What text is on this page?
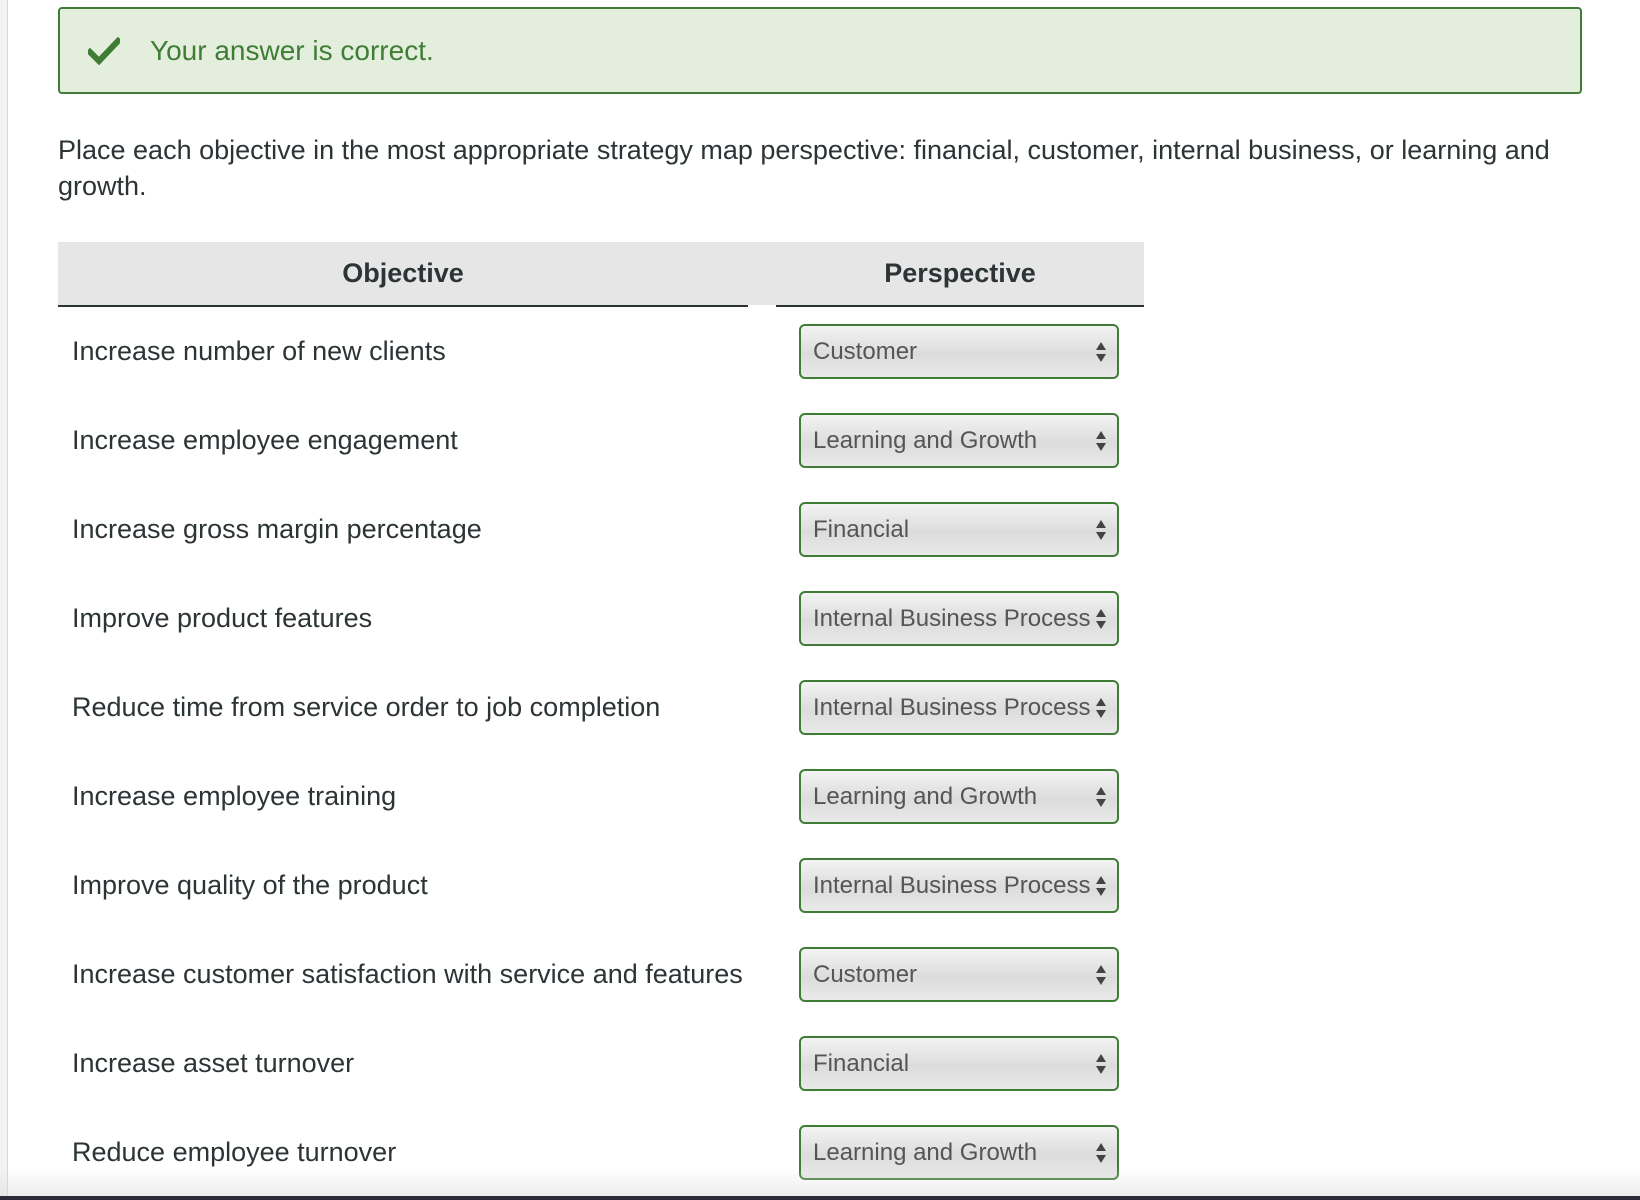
Your answer is correct.
Place each objective in the most appropriate strategy map perspective: financial, customer, internal business, or learning and growth.
Objective	Perspective
Increase number of new clients	Customer
Increase employee engagement	Learning and Growth
Increase gross margin percentage	Financial
Improve product features	Internal Business Process
Reduce time from service order to job completion	Internal Business Process
Increase employee training	Learning and Growth
Improve quality of the product	Internal Business Process
Increase customer satisfaction with service and features	Customer
Increase asset turnover	Financial
Reduce employee turnover	Learning and Growth
